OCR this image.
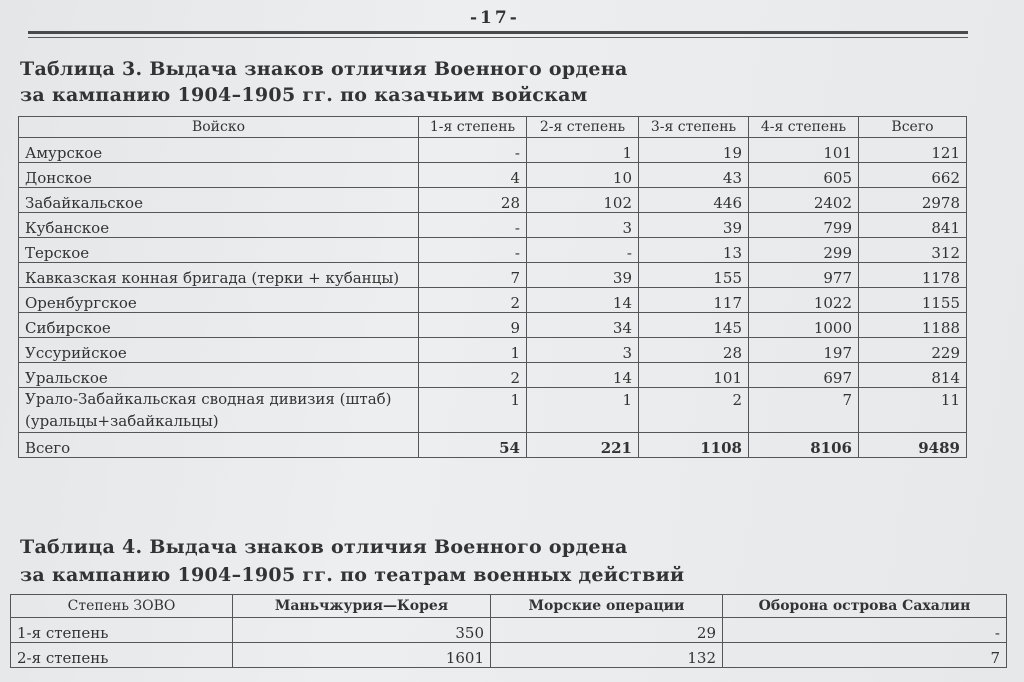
-17-
Таблица 3. Выдача знаков отличия Военного ордена
за кампанию 1904–1905 гг. по казачьим войскам
Войско	1-я степень	2-я степень	3-я степень	4-я степень	Всего
Амурское	-	1	19	101	121
Донское	4	10	43	605	662
Забайкальское	28	102	446	2402	2978
Кубанское	-	3	39	799	841
Терское	-	-	13	299	312
Кавказская конная бригада (терки + кубанцы)	7	39	155	977	1178
Оренбургское	2	14	117	1022	1155
Сибирское	9	34	145	1000	1188
Уссурийское	1	3	28	197	229
Уральское	2	14	101	697	814
Урало-Забайкальская сводная дивизия (штаб)
(уральцы+забайкальцы)	1	1	2	7	11
Всего	54	221	1108	8106	9489
Таблица 4. Выдача знаков отличия Военного ордена
за кампанию 1904–1905 гг. по театрам военных действий
Степень ЗОВО	Маньчжурия—Корея	Морские операции	Оборона острова Сахалин
1-я степень	350	29	-
2-я степень	1601	132	7
